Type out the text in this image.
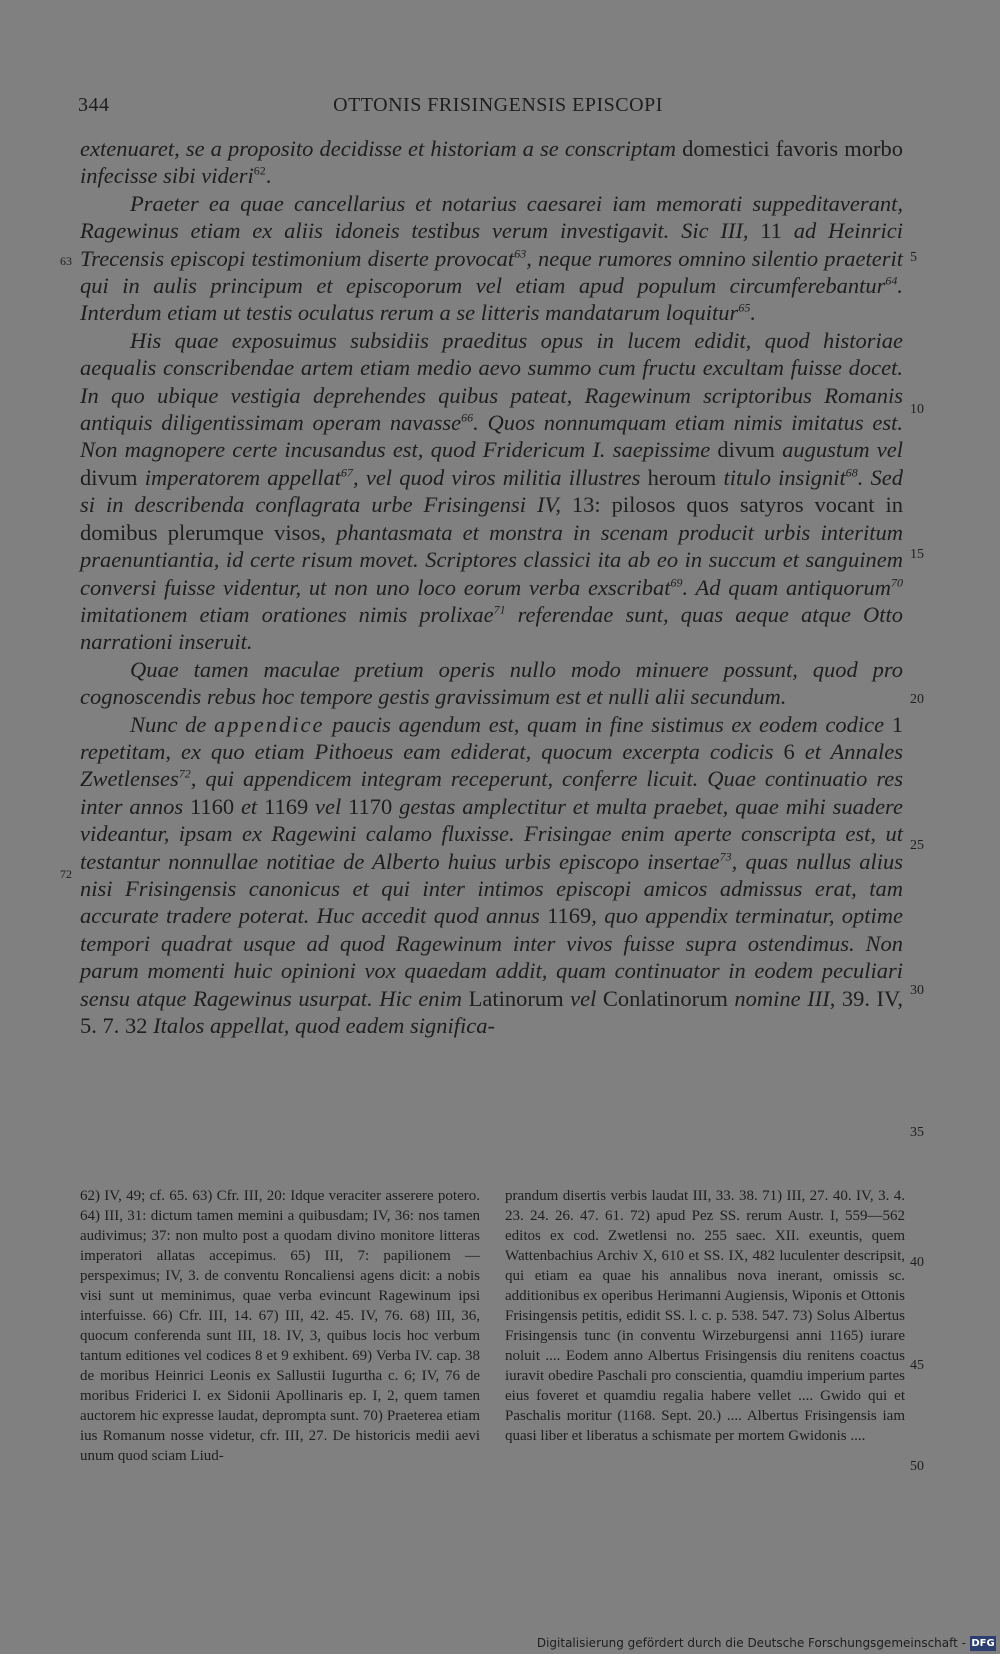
344	OTTONIS FRISINGENSIS EPISCOPI

extenuaret, se a proposito decidisse et historiam a se conscriptam domestici favoris morbo infecisse sibi videri$^{62}$.

Praeter ea quae cancellarius et notarius caesarei iam memorati suppeditaverant, Ragewinus etiam ex aliis idoneis testibus verum investigavit. Sic III, 11 ad Heinrici Trecensis episcopi testimonium diserte provocat$^{63}$, neque rumores omnino silentio praeterit qui in aulis principum et episcoporum vel etiam apud populum circumferebantur$^{64}$. Interdum etiam ut testis oculatus rerum a se litteris mandatarum loquitur$^{65}$.

His quae exposuimus subsidiis praeditus opus in lucem edidit, quod historiae aequalis conscribendae artem etiam medio aevo summo cum fructu excultam fuisse docet. In quo ubique vestigia deprehendes quibus pateat, Ragewinum scriptoribus Romanis antiquis diligentissimam operam navasse$^{66}$. Quos nonnumquam etiam nimis imitatus est. Non magnopere certe incusandus est, quod Fridericum I. saepissime divum augustum vel divum imperatorem appellat$^{67}$, vel quod viros militia illustres heroum titulo insignit$^{68}$. Sed si in describenda conflagrata urbe Frisingensi IV, 13: pilosos quos satyros vocant in domibus plerumque visos, phantasmata et monstra in scenam producit urbis interitum praenuntiantia, id certe risum movet. Scriptores classici ita ab eo in succum et sanguinem conversi fuisse videntur, ut non uno loco eorum verba exscribat$^{69}$. Ad quam antiquorum$^{70}$ imitationem etiam orationes nimis prolixae$^{71}$ referendae sunt, quas aeque atque Otto narrationi inseruit.

Quae tamen maculae pretium operis nullo modo minuere possunt, quod pro cognoscendis rebus hoc tempore gestis gravissimum est et nulli alii secundum.

Nunc de appendice paucis agendum est, quam in fine sistimus ex eodem codice 1 repetitam, ex quo etiam Pithoeus eam ediderat, quocum excerpta codicis 6 et Annales Zwetlenses$^{72}$, qui appendicem integram receperunt, conferre licuit. Quae continuatio res inter annos 1160 et 1169 vel 1170 gestas amplectitur et multa praebet, quae mihi suadere videantur, ipsam ex Ragewini calamo fluxisse. Frisingae enim aperte conscripta est, ut testantur nonnullae notitiae de Alberto huius urbis episcopo insertae$^{73}$, quas nullus alius nisi Frisingensis canonicus et qui inter intimos episcopi amicos admissus erat, tam accurate tradere poterat. Huc accedit quod annus 1169, quo appendix terminatur, optime tempori quadrat usque ad quod Ragewinum inter vivos fuisse supra ostendimus. Non parum momenti huic opinioni vox quaedam addit, quam continuator in eodem peculiari sensu atque Ragewinus usurpat. Hic enim Latinorum vel Conlatinorum nomine III, 39. IV, 5. 7. 32 Italos appellat, quod eadem significa-

5
10
15
20
25
30
35
40
45
50
63
72

62) IV, 49; cf. 65. 63) Cfr. III, 20: Idque veraciter asserere potero. 64) III, 31: dictum tamen memini a quibusdam; IV, 36: nos tamen audivimus; 37: non multo post a quodam divino monitore litteras imperatori allatas accepimus. 65) III, 7: papilionem — perspeximus; IV, 3. de conventu Roncaliensi agens dicit: a nobis visi sunt ut meminimus, quae verba evincunt Ragewinum ipsi interfuisse. 66) Cfr. III, 14. 67) III, 42. 45. IV, 76. 68) III, 36, quocum conferenda sunt III, 18. IV, 3, quibus locis hoc verbum tantum editiones vel codices 8 et 9 exhibent. 69) Verba IV. cap. 38 de moribus Heinrici Leonis ex Sallustii Iugurtha c. 6; IV, 76 de moribus Friderici I. ex Sidonii Apollinaris ep. I, 2, quem tamen auctorem hic expresse laudat, deprompta sunt. 70) Praeterea etiam ius Romanum nosse videtur, cfr. III, 27. De historicis medii aevi unum quod sciam Liud-

prandum disertis verbis laudat III, 33. 38. 71) III, 27. 40. IV, 3. 4. 23. 24. 26. 47. 61. 72) apud Pez SS. rerum Austr. I, 559—562 editos ex cod. Zwetlensi no. 255 saec. XII. exeuntis, quem Wattenbachius Archiv X, 610 et SS. IX, 482 luculenter descripsit, qui etiam ea quae his annalibus nova inerant, omissis sc. additionibus ex operibus Herimanni Augiensis, Wiponis et Ottonis Frisingensis petitis, edidit SS. l. c. p. 538. 547. 73) Solus Albertus Frisingensis tunc (in conventu Wirzeburgensi anni 1165) iurare noluit .... Eodem anno Albertus Frisingensis diu renitens coactus iuravit obedire Paschali pro conscientia, quamdiu imperium partes eius foveret et quamdiu regalia habere vellet .... Gwido qui et Paschalis moritur (1168. Sept. 20.) .... Albertus Frisingensis iam quasi liber et liberatus a schismate per mortem Gwidonis ....

Digitalisierung gefördert durch die Deutsche Forschungsgemeinschaft - DFG
